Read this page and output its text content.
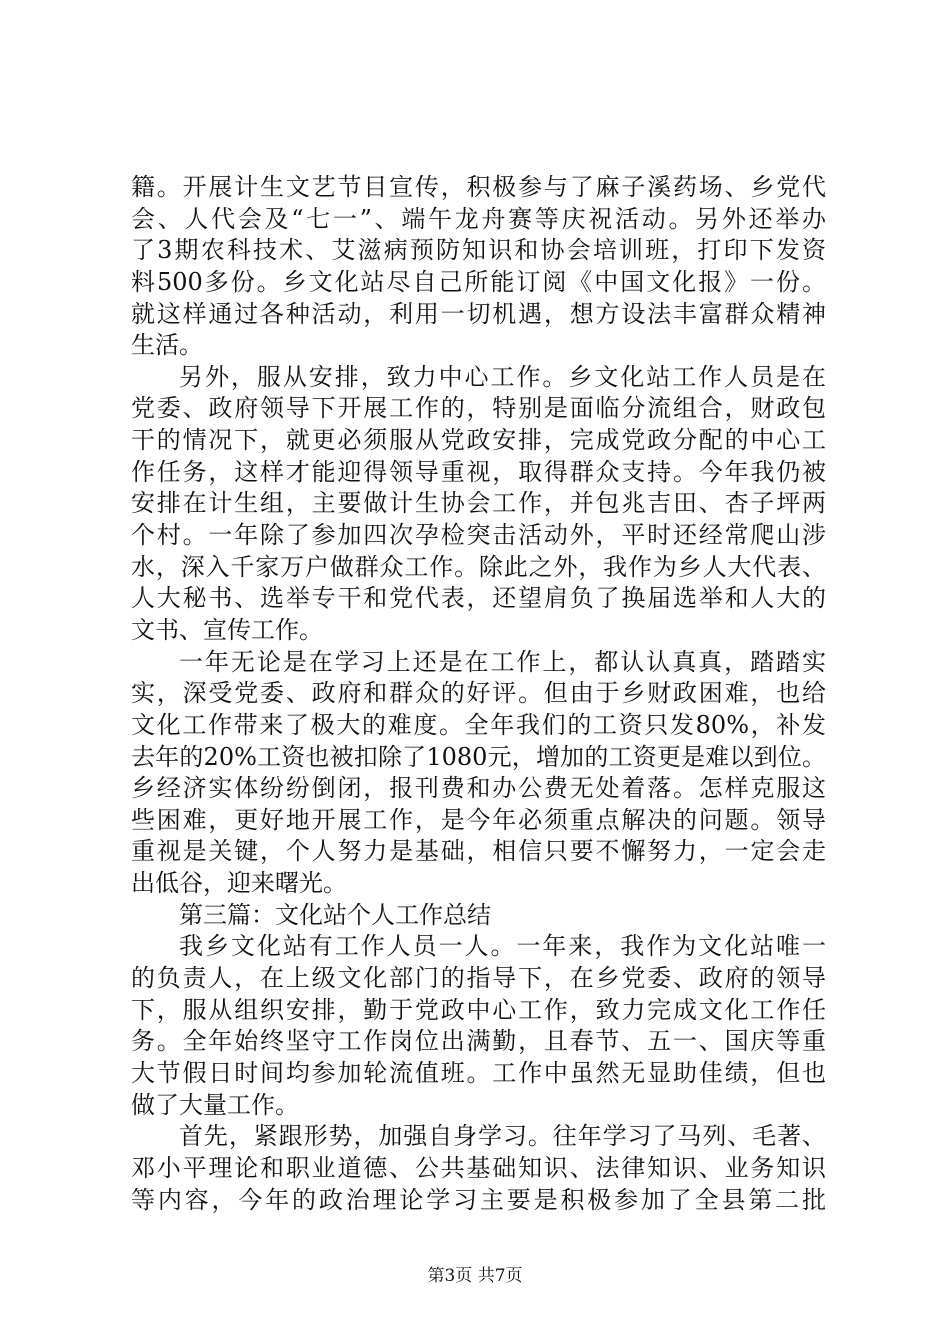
籍。开展计生文艺节目宣传，积极参与了麻子溪药场、乡党代
会、人代会及“七一”、端午龙舟赛等庆祝活动。另外还举办
了3期农科技术、艾滋病预防知识和协会培训班，打印下发资
料500多份。乡文化站尽自己所能订阅《中国文化报》一份。
就这样通过各种活动，利用一切机遇，想方设法丰富群众精神
生活。
另外，服从安排，致力中心工作。乡文化站工作人员是在
党委、政府领导下开展工作的，特别是面临分流组合，财政包
干的情况下，就更必须服从党政安排，完成党政分配的中心工
作任务，这样才能迎得领导重视，取得群众支持。今年我仍被
安排在计生组，主要做计生协会工作，并包兆吉田、杏子坪两
个村。一年除了参加四次孕检突击活动外，平时还经常爬山涉
水，深入千家万户做群众工作。除此之外，我作为乡人大代表、
人大秘书、选举专干和党代表，还望肩负了换届选举和人大的
文书、宣传工作。
一年无论是在学习上还是在工作上，都认认真真，踏踏实
实，深受党委、政府和群众的好评。但由于乡财政困难，也给
文化工作带来了极大的难度。全年我们的工资只发80%，补发
去年的20%工资也被扣除了1080元，增加的工资更是难以到位。
乡经济实体纷纷倒闭，报刊费和办公费无处着落。怎样克服这
些困难，更好地开展工作，是今年必须重点解决的问题。领导
重视是关键，个人努力是基础，相信只要不懈努力，一定会走
出低谷，迎来曙光。
第三篇：文化站个人工作总结
我乡文化站有工作人员一人。一年来，我作为文化站唯一
的负责人，在上级文化部门的指导下，在乡党委、政府的领导
下，服从组织安排，勤于党政中心工作，致力完成文化工作任
务。全年始终坚守工作岗位出满勤，且春节、五一、国庆等重
大节假日时间均参加轮流值班。工作中虽然无显助佳绩，但也
做了大量工作。
首先，紧跟形势，加强自身学习。往年学习了马列、毛著、
邓小平理论和职业道德、公共基础知识、法律知识、业务知识
等内容，今年的政治理论学习主要是积极参加了全县第二批
第3页 共7页
